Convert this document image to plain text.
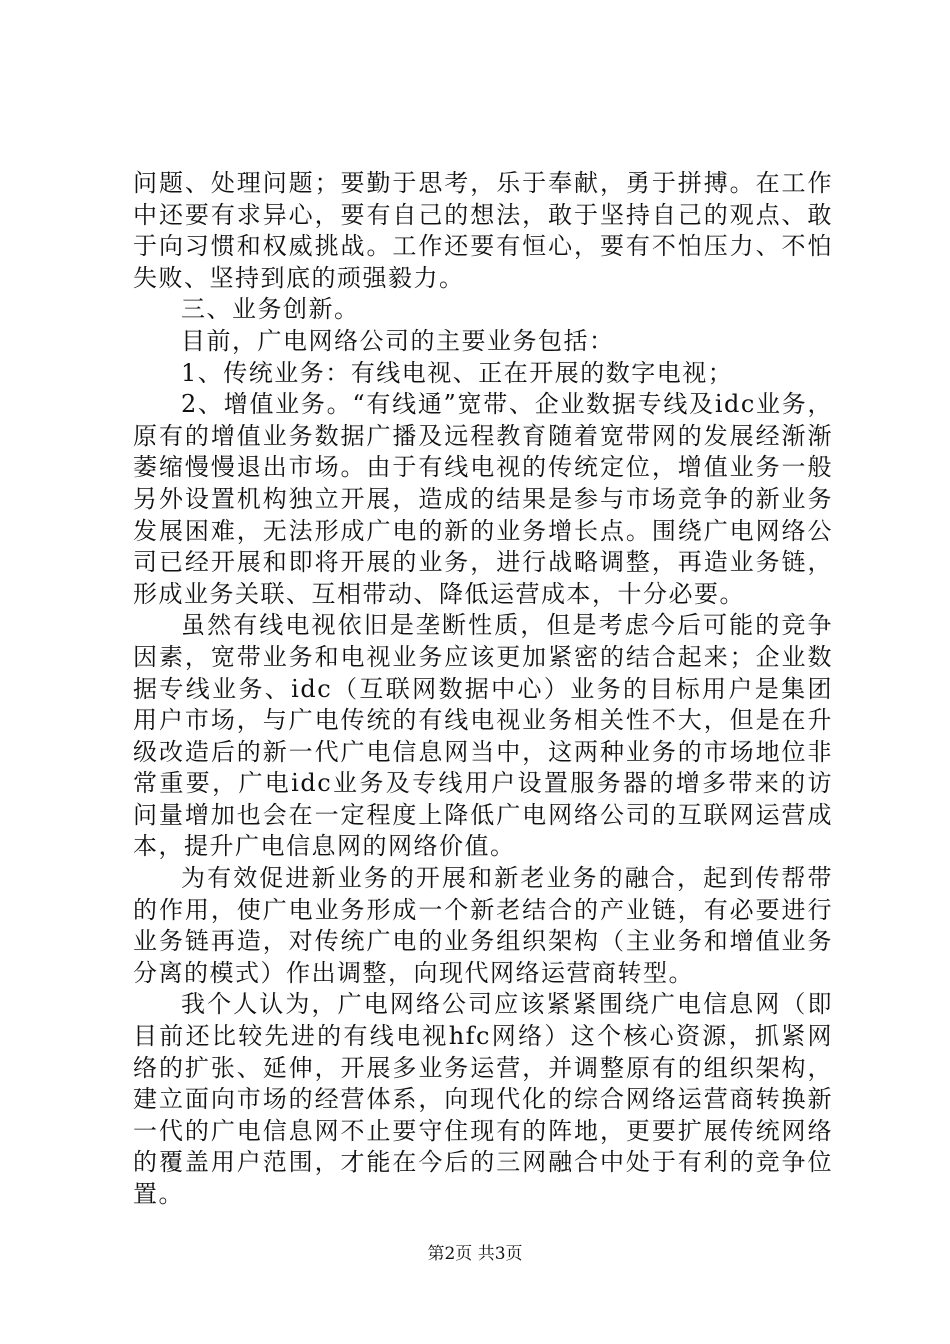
问题、处理问题；要勤于思考，乐于奉献，勇于拼搏。在工作中还要有求异心，要有自己的想法，敢于坚持自己的观点、敢于向习惯和权威挑战。工作还要有恒心，要有不怕压力、不怕失败、坚持到底的顽强毅力。

三、业务创新。

目前，广电网络公司的主要业务包括：

1、传统业务：有线电视、正在开展的数字电视；

2、增值业务。“有线通”宽带、企业数据专线及idc业务，原有的增值业务数据广播及远程教育随着宽带网的发展经渐渐萎缩慢慢退出市场。由于有线电视的传统定位，增值业务一般另外设置机构独立开展，造成的结果是参与市场竞争的新业务发展困难，无法形成广电的新的业务增长点。围绕广电网络公司已经开展和即将开展的业务，进行战略调整，再造业务链，形成业务关联、互相带动、降低运营成本，十分必要。

虽然有线电视依旧是垄断性质，但是考虑今后可能的竞争因素，宽带业务和电视业务应该更加紧密的结合起来；企业数据专线业务、idc（互联网数据中心）业务的目标用户是集团用户市场，与广电传统的有线电视业务相关性不大，但是在升级改造后的新一代广电信息网当中，这两种业务的市场地位非常重要，广电idc业务及专线用户设置服务器的增多带来的访问量增加也会在一定程度上降低广电网络公司的互联网运营成本，提升广电信息网的网络价值。

为有效促进新业务的开展和新老业务的融合，起到传帮带的作用，使广电业务形成一个新老结合的产业链，有必要进行业务链再造，对传统广电的业务组织架构（主业务和增值业务分离的模式）作出调整，向现代网络运营商转型。

我个人认为，广电网络公司应该紧紧围绕广电信息网（即目前还比较先进的有线电视hfc网络）这个核心资源，抓紧网络的扩张、延伸，开展多业务运营，并调整原有的组织架构，建立面向市场的经营体系，向现代化的综合网络运营商转换新一代的广电信息网不止要守住现有的阵地，更要扩展传统网络的覆盖用户范围，才能在今后的三网融合中处于有利的竞争位置。

第2页 共3页
